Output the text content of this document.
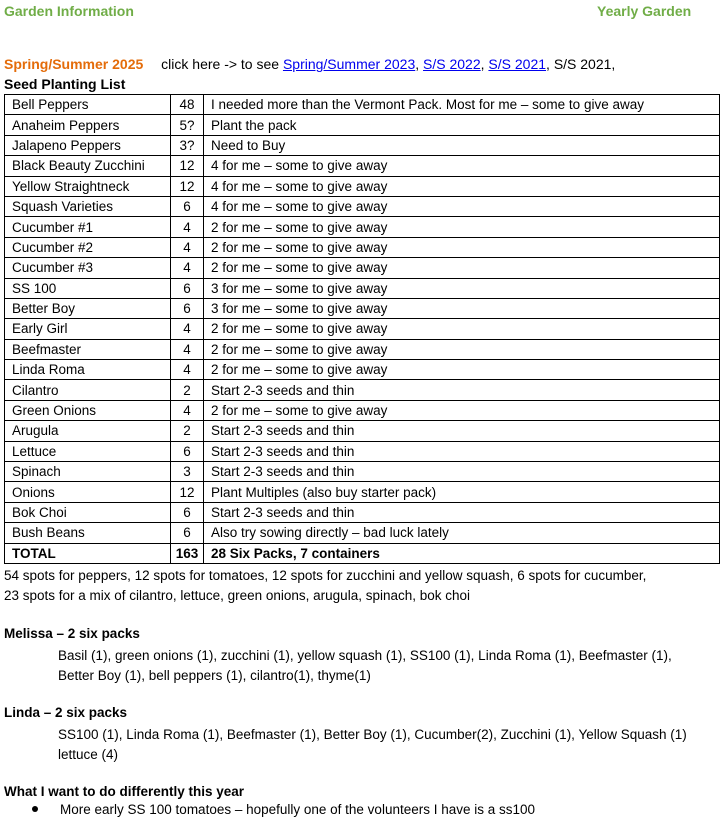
Garden Information	Yearly Garden
Spring/Summer 2025 click here -> to see Spring/Summer 2023, S/S 2022, S/S 2021, S/S 2021,
Seed Planting List
Bell Peppers	48	I needed more than the Vermont Pack. Most for me – some to give away
Anaheim Peppers	5?	Plant the pack
Jalapeno Peppers	3?	Need to Buy
Black Beauty Zucchini	12	4 for me – some to give away
Yellow Straightneck	12	4 for me – some to give away
Squash Varieties	6	4 for me – some to give away
Cucumber #1	4	2 for me – some to give away
Cucumber #2	4	2 for me – some to give away
Cucumber #3	4	2 for me – some to give away
SS 100	6	3 for me – some to give away
Better Boy	6	3 for me – some to give away
Early Girl	4	2 for me – some to give away
Beefmaster	4	2 for me – some to give away
Linda Roma	4	2 for me – some to give away
Cilantro	2	Start 2-3 seeds and thin
Green Onions	4	2 for me – some to give away
Arugula	2	Start 2-3 seeds and thin
Lettuce	6	Start 2-3 seeds and thin
Spinach	3	Start 2-3 seeds and thin
Onions	12	Plant Multiples (also buy starter pack)
Bok Choi	6	Start 2-3 seeds and thin
Bush Beans	6	Also try sowing directly – bad luck lately
TOTAL	163	28 Six Packs, 7 containers
54 spots for peppers, 12 spots for tomatoes, 12 spots for zucchini and yellow squash, 6 spots for cucumber, 23 spots for a mix of cilantro, lettuce, green onions, arugula, spinach, bok choi
Melissa – 2 six packs
Basil (1), green onions (1), zucchini (1), yellow squash (1), SS100 (1), Linda Roma (1), Beefmaster (1), Better Boy (1), bell peppers (1), cilantro(1), thyme(1)
Linda – 2 six packs
SS100 (1), Linda Roma (1), Beefmaster (1), Better Boy (1), Cucumber(2), Zucchini (1), Yellow Squash (1) lettuce (4)
What I want to do differently this year
More early SS 100 tomatoes – hopefully one of the volunteers I have is a ss100
